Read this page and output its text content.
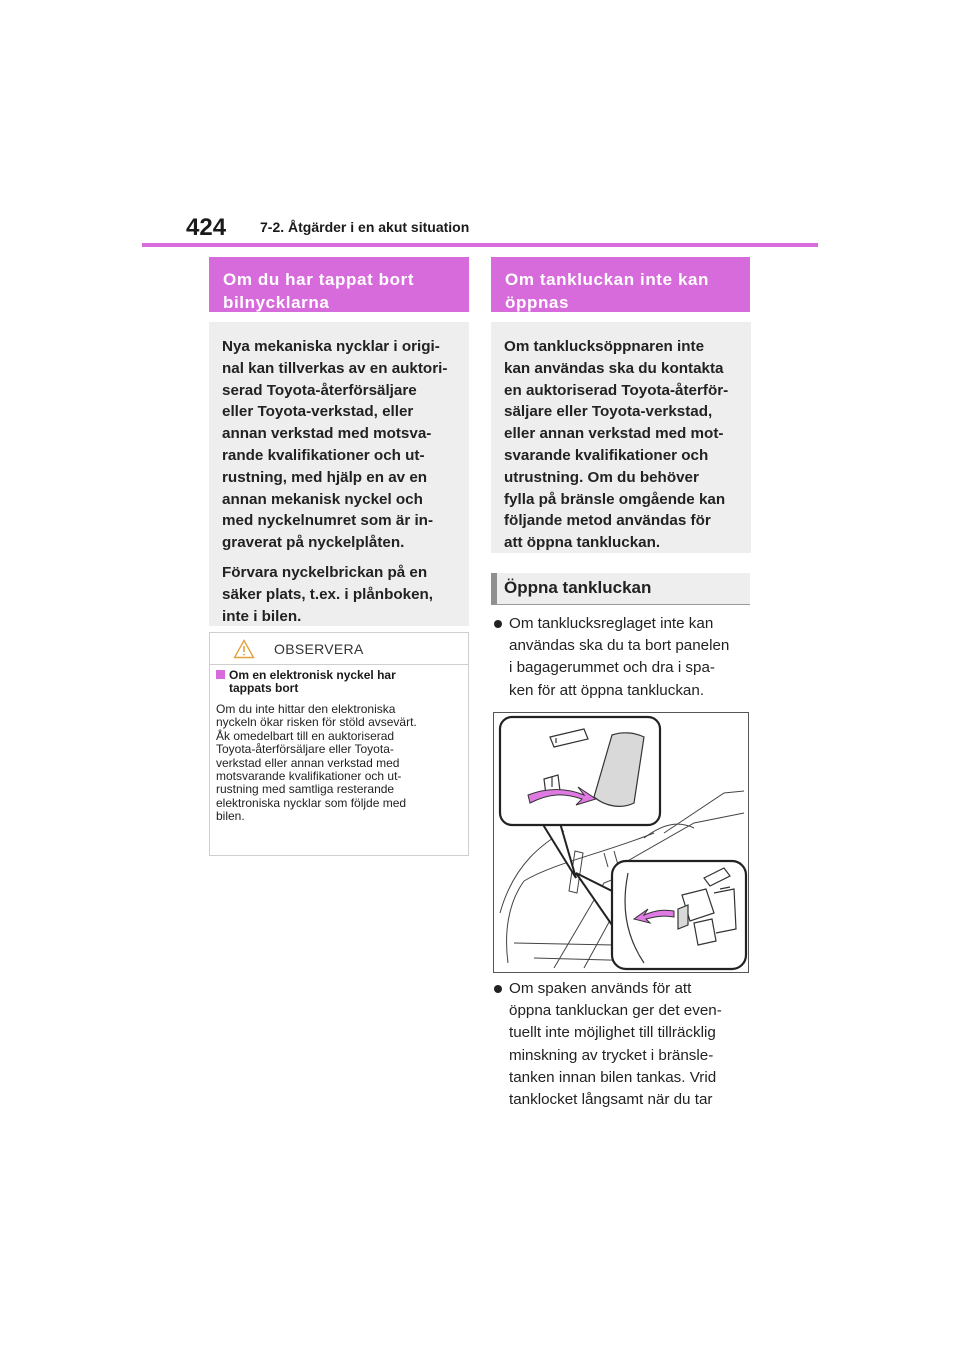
424 7-2. Åtgärder i en akut situation
Om du har tappat bort
bilnycklarna

Nya mekaniska nycklar i origi-
nal kan tillverkas av en auktori-
serad Toyota-återförsäljare
eller Toyota-verkstad, eller
annan verkstad med motsva-
rande kvalifikationer och ut-
rustning, med hjälp en av en
annan mekanisk nyckel och
med nyckelnumret som är in-
graverat på nyckelplåten.

Förvara nyckelbrickan på en
säker plats, t.ex. i plånboken,
inte i bilen.

OBSERVERA
Om en elektronisk nyckel har
tappats bort
Om du inte hittar den elektroniska
nyckeln ökar risken för stöld avsevärt.
Åk omedelbart till en auktoriserad
Toyota-återförsäljare eller Toyota-
verkstad eller annan verkstad med
motsvarande kvalifikationer och ut-
rustning med samtliga resterande
elektroniska nycklar som följde med
bilen.
Om tankluckan inte kan
öppnas

Om tanklucksöppnaren inte
kan användas ska du kontakta
en auktoriserad Toyota-återför-
säljare eller Toyota-verkstad,
eller annan verkstad med mot-
svarande kvalifikationer och
utrustning. Om du behöver
fylla på bränsle omgående kan
följande metod användas för
att öppna tankluckan.

Öppna tankluckan
Om tanklucksreglaget inte kan
användas ska du ta bort panelen
i bagagerummet och dra i spa-
ken för att öppna tankluckan.
Om spaken används för att
öppna tankluckan ger det even-
tuellt inte möjlighet till tillräcklig
minskning av trycket i bränsle-
tanken innan bilen tankas. Vrid
tanklocket långsamt när du tar
